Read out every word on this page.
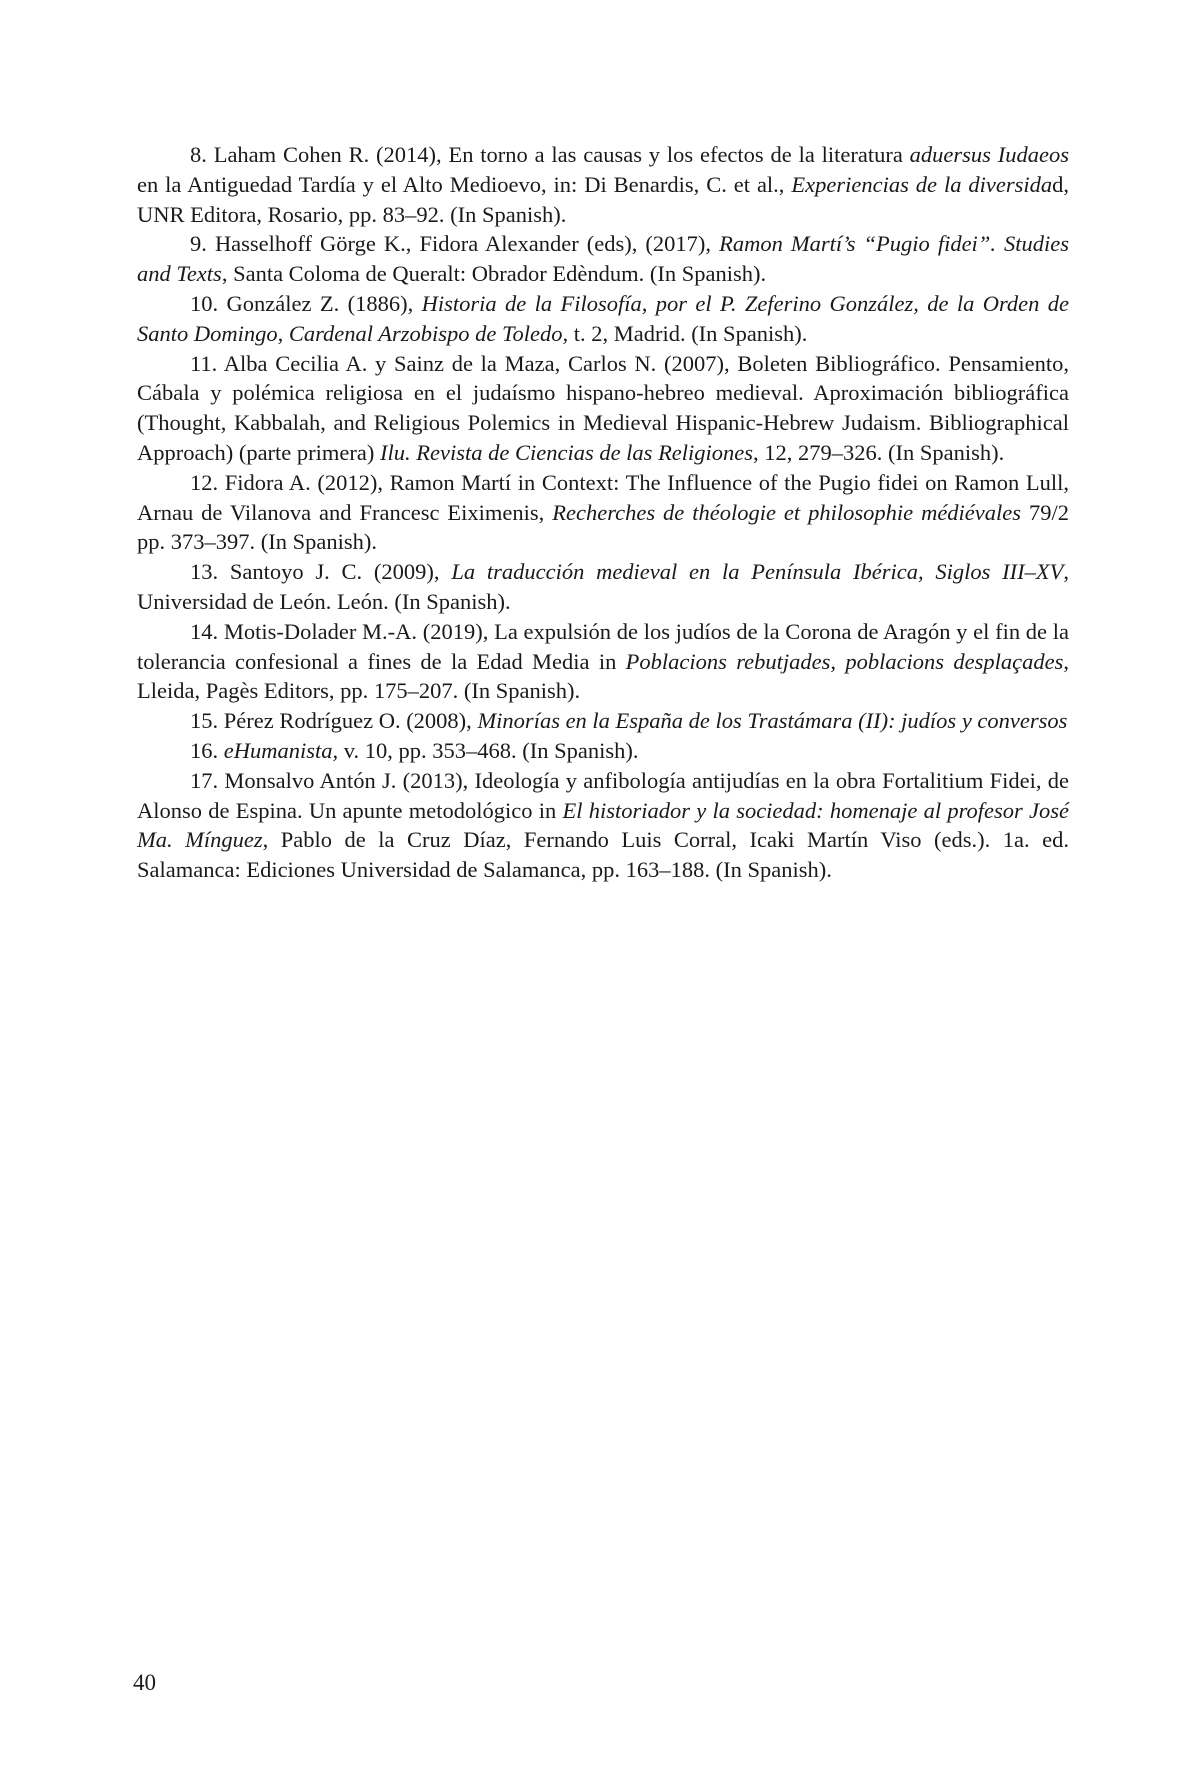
8. Laham Cohen R. (2014), En torno a las causas y los efectos de la literatura aduersus Iudaeos en la Antiguedad Tardía y el Alto Medioevo, in: Di Benardis, C. et al., Experiencias de la diversidad, UNR Editora, Rosario, pp. 83–92. (In Spanish).

9. Hasselhoff Görge K., Fidora Alexander (eds), (2017), Ramon Martí’s “Pugio fidei”. Studies and Texts, Santa Coloma de Queralt: Obrador Edèndum. (In Spanish).

10. González Z. (1886), Historia de la Filosofía, por el P. Zeferino González, de la Orden de Santo Domingo, Cardenal Arzobispo de Toledo, t. 2, Madrid. (In Spanish).

11. Alba Cecilia A. y Sainz de la Maza, Carlos N. (2007), Boleten Bibliográfico. Pensamiento, Cábala y polémica religiosa en el judaísmo hispano-hebreo medieval. Aproximación bibliográfica (Thought, Kabbalah, and Religious Polemics in Medieval Hispanic-Hebrew Judaism. Bibliographical Approach) (parte primera) Ilu. Revista de Ciencias de las Religiones, 12, 279–326. (In Spanish).

12. Fidora A. (2012), Ramon Martí in Context: The Influence of the Pugio fidei on Ramon Lull, Arnau de Vilanova and Francesc Eiximenis, Recherches de théologie et philosophie médiévales 79/2 pp. 373–397. (In Spanish).

13. Santoyo J. C. (2009), La traducción medieval en la Península Ibérica, Siglos III–XV, Universidad de León. León. (In Spanish).

14. Motis-Dolader M.-A. (2019), La expulsión de los judíos de la Corona de Aragón y el fin de la tolerancia confesional a fines de la Edad Media in Poblacions rebutjades, poblacions desplaçades, Lleida, Pagès Editors, pp. 175–207. (In Spanish).

15. Pérez Rodríguez O. (2008), Minorías en la España de los Trastámara (II): judíos y conversos

16. eHumanista, v. 10, pp. 353–468. (In Spanish).

17. Monsalvo Antón J. (2013), Ideología y anfibología antijudías en la obra Fortalitium Fidei, de Alonso de Espina. Un apunte metodológico in El historiador y la sociedad: homenaje al profesor José Ma. Mínguez, Pablo de la Cruz Díaz, Fernando Luis Corral, Icaki Martín Viso (eds.). 1a. ed. Salamanca: Ediciones Universidad de Salamanca, pp. 163–188. (In Spanish).

40
